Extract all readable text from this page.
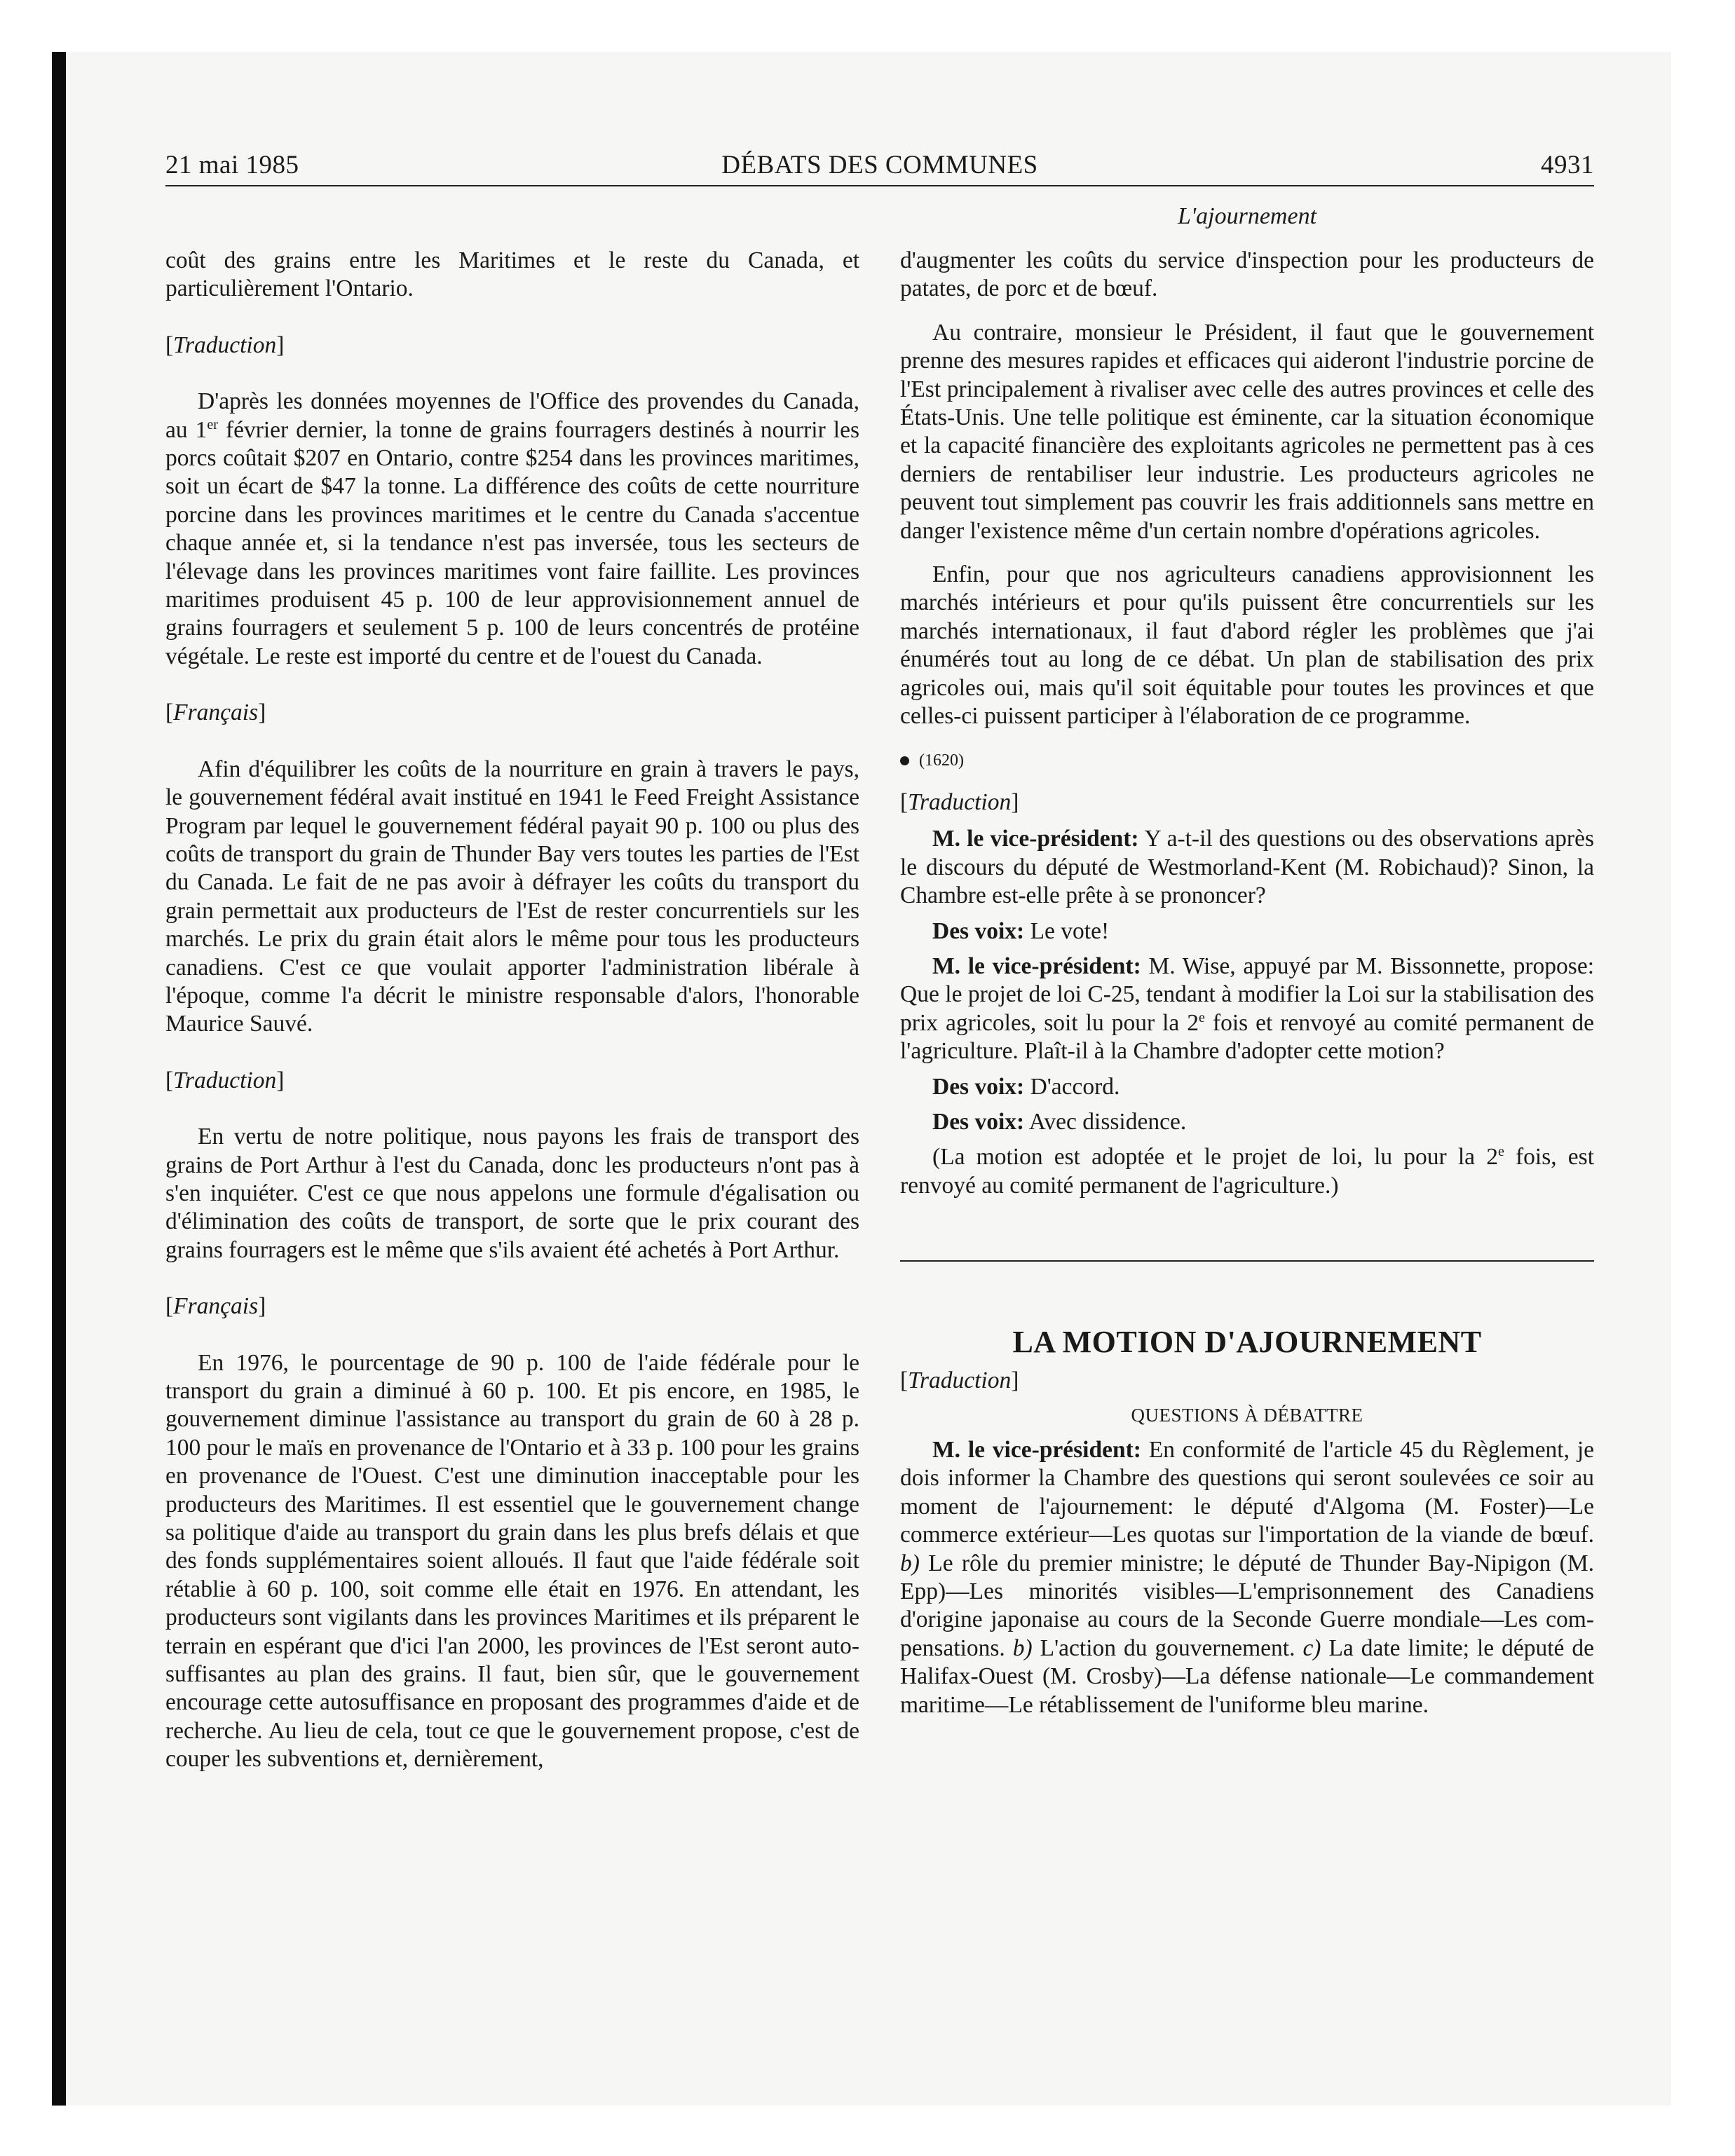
21 mai 1985	DÉBATS DES COMMUNES	4931
L'ajournement

coût des grains entre les Maritimes et le reste du Canada, et particulièrement l'Ontario.

[Traduction]

D'après les données moyennes de l'Office des provendes du Canada, au 1er février dernier, la tonne de grains fourragers destinés à nourrir les porcs coûtait $207 en Ontario, contre $254 dans les provinces maritimes, soit un écart de $47 la tonne. La différence des coûts de cette nourriture porcine dans les provinces maritimes et le centre du Canada s'accentue chaque année et, si la tendance n'est pas inversée, tous les secteurs de l'élevage dans les provinces maritimes vont faire faillite. Les provinces maritimes produisent 45 p. 100 de leur approvisionnement annuel de grains fourragers et seulement 5 p. 100 de leurs concentrés de protéine végétale. Le reste est importé du centre et de l'ouest du Canada.

[Français]

Afin d'équilibrer les coûts de la nourriture en grain à travers le pays, le gouvernement fédéral avait institué en 1941 le Feed Freight Assistance Program par lequel le gouvernement fédéral payait 90 p. 100 ou plus des coûts de transport du grain de Thunder Bay vers toutes les parties de l'Est du Canada. Le fait de ne pas avoir à défrayer les coûts du transport du grain permettait aux producteurs de l'Est de rester concurrentiels sur les marchés. Le prix du grain était alors le même pour tous les producteurs canadiens. C'est ce que voulait apporter l'administration libérale à l'époque, comme l'a décrit le ministre responsable d'alors, l'honorable Maurice Sauvé.

[Traduction]

En vertu de notre politique, nous payons les frais de transport des grains de Port Arthur à l'est du Canada, donc les producteurs n'ont pas à s'en inquiéter. C'est ce que nous appelons une formule d'égalisation ou d'élimination des coûts de transport, de sorte que le prix courant des grains fourragers est le même que s'ils avaient été achetés à Port Arthur.

[Français]

En 1976, le pourcentage de 90 p. 100 de l'aide fédérale pour le transport du grain a diminué à 60 p. 100. Et pis encore, en 1985, le gouvernement diminue l'assistance au transport du grain de 60 à 28 p. 100 pour le maïs en provenance de l'Ontario et à 33 p. 100 pour les grains en provenance de l'Ouest. C'est une diminution inacceptable pour les producteurs des Maritimes. Il est essentiel que le gouvernement change sa politique d'aide au transport du grain dans les plus brefs délais et que des fonds supplémentaires soient alloués. Il faut que l'aide fédérale soit rétablie à 60 p. 100, soit comme elle était en 1976. En attendant, les producteurs sont vigilants dans les provinces Maritimes et ils préparent le terrain en espérant que d'ici l'an 2000, les provinces de l'Est seront auto-suffisantes au plan des grains. Il faut, bien sûr, que le gouvernement encourage cette autosuffisance en proposant des programmes d'aide et de recherche. Au lieu de cela, tout ce que le gouvernement propose, c'est de couper les subventions et, dernièrement,

d'augmenter les coûts du service d'inspection pour les producteurs de patates, de porc et de bœuf.

Au contraire, monsieur le Président, il faut que le gouvernement prenne des mesures rapides et efficaces qui aideront l'industrie porcine de l'Est principalement à rivaliser avec celle des autres provinces et celle des États-Unis. Une telle politique est éminente, car la situation économique et la capacité financière des exploitants agricoles ne permettent pas à ces derniers de rentabiliser leur industrie. Les producteurs agricoles ne peuvent tout simplement pas couvrir les frais additionnels sans mettre en danger l'existence même d'un certain nombre d'opérations agricoles.

Enfin, pour que nos agriculteurs canadiens approvisionnent les marchés intérieurs et pour qu'ils puissent être concurrentiels sur les marchés internationaux, il faut d'abord régler les problèmes que j'ai énumérés tout au long de ce débat. Un plan de stabilisation des prix agricoles oui, mais qu'il soit équitable pour toutes les provinces et que celles-ci puissent participer à l'élaboration de ce programme.

(1620)
[Traduction]

M. le vice-président: Y a-t-il des questions ou des observations après le discours du député de Westmorland-Kent (M. Robichaud)? Sinon, la Chambre est-elle prête à se prononcer?

Des voix: Le vote!

M. le vice-président: M. Wise, appuyé par M. Bissonnette, propose: Que le projet de loi C-25, tendant à modifier la Loi sur la stabilisation des prix agricoles, soit lu pour la 2e fois et renvoyé au comité permanent de l'agriculture. Plaît-il à la Chambre d'adopter cette motion?

Des voix: D'accord.

Des voix: Avec dissidence.

(La motion est adoptée et le projet de loi, lu pour la 2e fois, est renvoyé au comité permanent de l'agriculture.)

LA MOTION D'AJOURNEMENT
[Traduction]
QUESTIONS À DÉBATTRE

M. le vice-président: En conformité de l'article 45 du Règlement, je dois informer la Chambre des questions qui seront soulevées ce soir au moment de l'ajournement: le député d'Algoma (M. Foster)—Le commerce extérieur—Les quotas sur l'importation de la viande de bœuf. b) Le rôle du premier ministre; le député de Thunder Bay-Nipigon (M. Epp)—Les minorités visibles—L'emprisonnement des Canadiens d'origine japonaise au cours de la Seconde Guerre mondiale—Les compensations. b) L'action du gouvernement. c) La date limite; le député de Halifax-Ouest (M. Crosby)—La défense nationale—Le commandement maritime—Le rétablissement de l'uniforme bleu marine.
